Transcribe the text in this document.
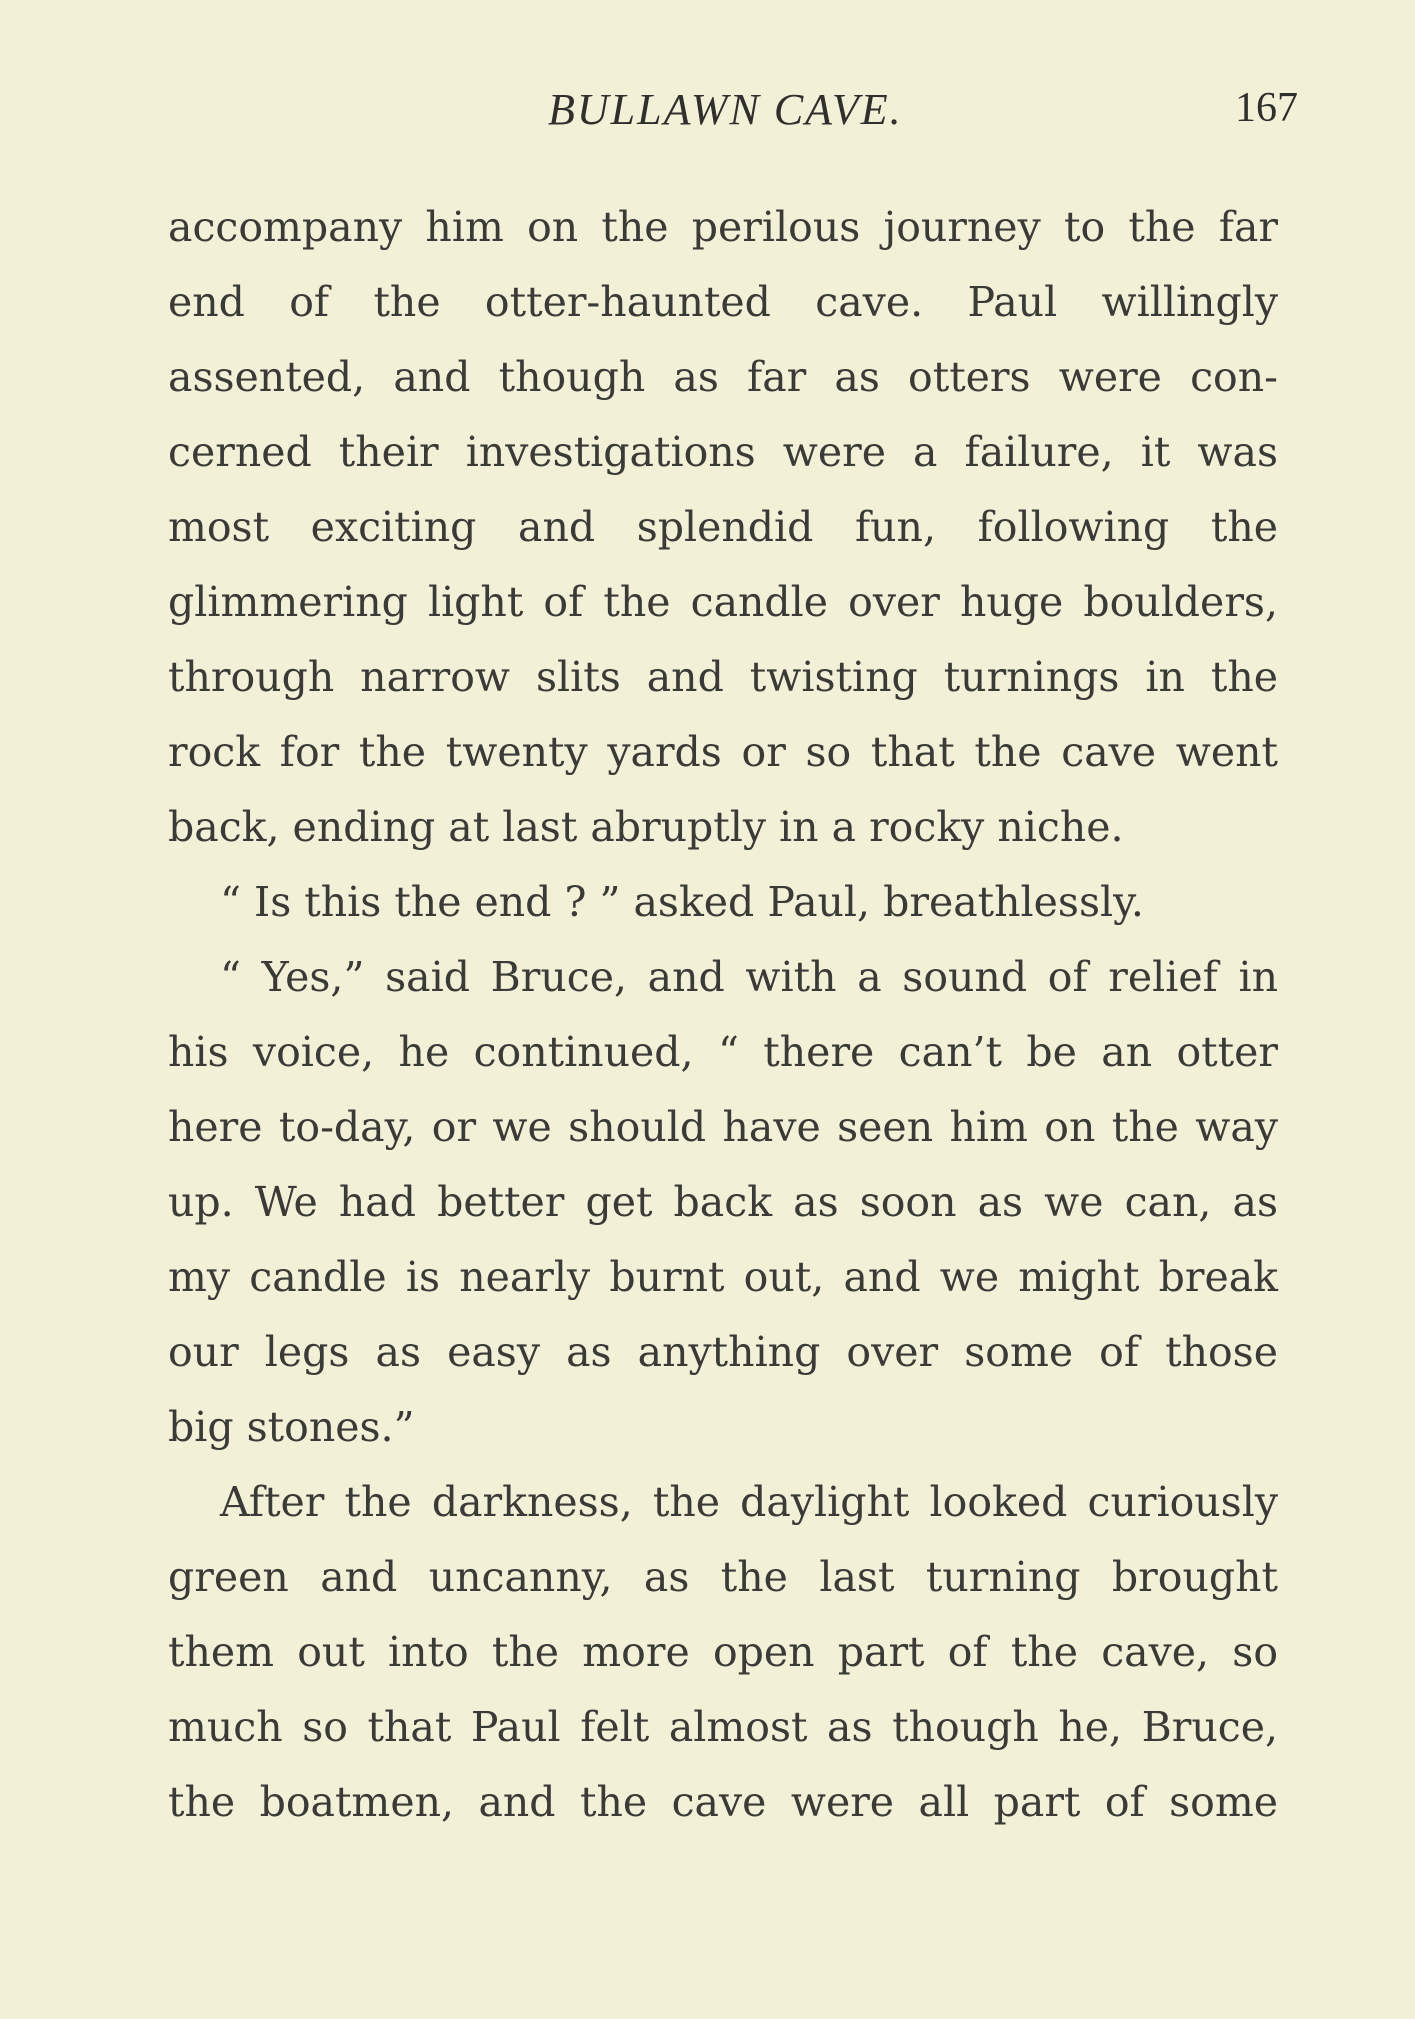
BULLAWN CAVE.	167
accompany him on the perilous journey to the far
end of the otter-haunted cave. Paul willingly
assented, and though as far as otters were con-
cerned their investigations were a failure, it was
most exciting and splendid fun, following the
glimmering light of the candle over huge boulders,
through narrow slits and twisting turnings in the
rock for the twenty yards or so that the cave went
back, ending at last abruptly in a rocky niche.
“ Is this the end ? ” asked Paul, breathlessly.
“ Yes,” said Bruce, and with a sound of relief in
his voice, he continued, “ there can’t be an otter
here to-day, or we should have seen him on the way
up. We had better get back as soon as we can, as
my candle is nearly burnt out, and we might break
our legs as easy as anything over some of those
big stones.”
After the darkness, the daylight looked curiously
green and uncanny, as the last turning brought
them out into the more open part of the cave, so
much so that Paul felt almost as though he, Bruce,
the boatmen, and the cave were all part of some
